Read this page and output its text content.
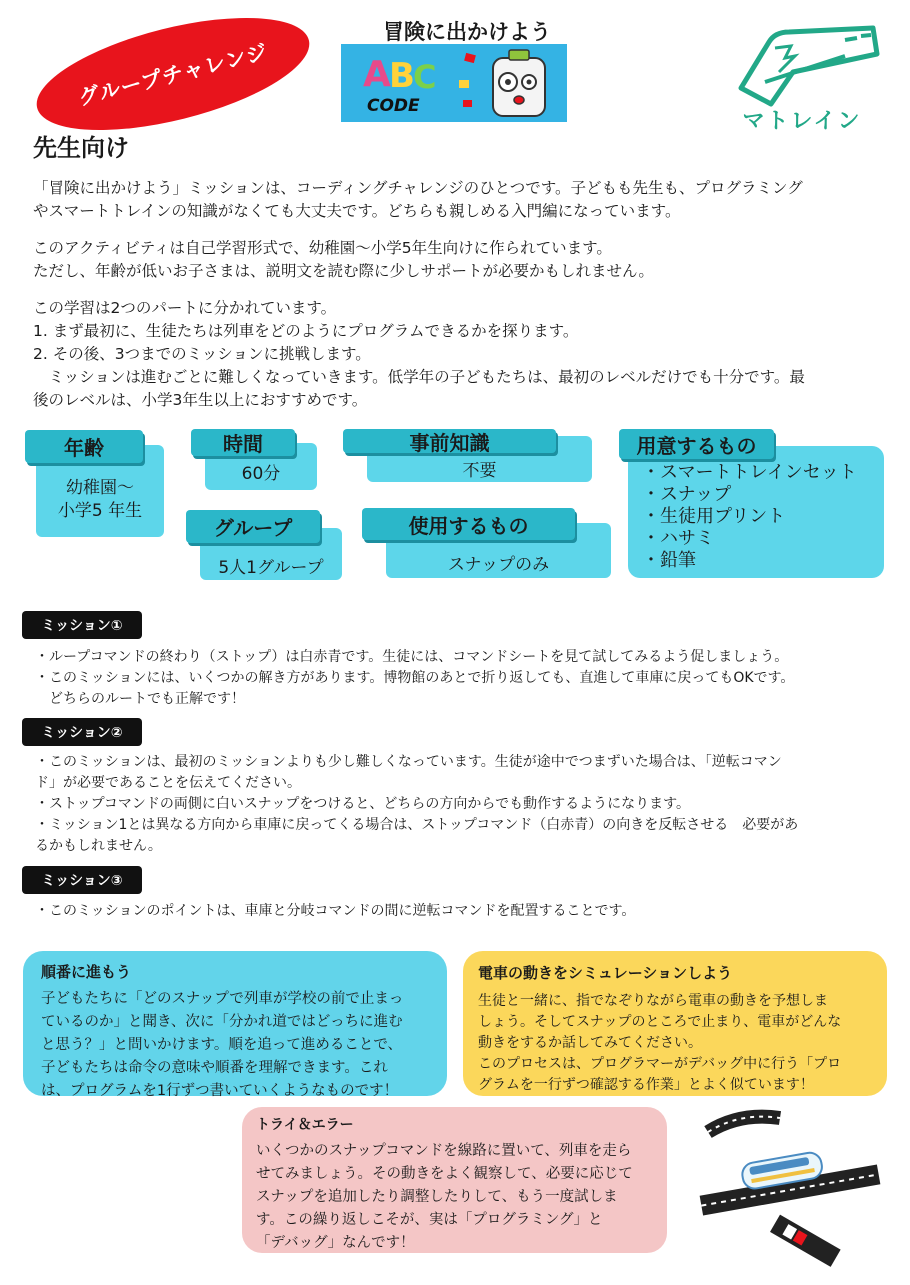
グループチャレンジ
冒険に出かけよう
A
B
C
CODE
マトレイン
先生向け

「冒険に出かけよう」ミッションは、コーディングチャレンジのひとつです。子どもも先生も、プログラミング
やスマートトレインの知識がなくても大丈夫です。どちらも親しめる入門編になっています。

このアクティビティは自己学習形式で、幼稚園〜小学5年生向けに作られています。
ただし、年齢が低いお子さまは、説明文を読む際に少しサポートが必要かもしれません。

この学習は2つのパートに分かれています。
1. まず最初に、生徒たちは列車をどのようにプログラムできるかを探ります。
2. その後、3つまでのミッションに挑戦します。
　ミッションは進むごとに難しくなっていきます。低学年の子どもたちは、最初のレベルだけでも十分です。最
後のレベルは、小学3年生以上におすすめです。

幼稚園〜
小学5 年生
年齢
60分
時間
5人1グループ
グループ
不要
事前知識
スナップのみ
使用するもの
・スマートトレインセット
・スナップ
・生徒用プリント
・ハサミ
・鉛筆
用意するもの
ミッション①

・ループコマンドの終わり（ストップ）は白赤青です。生徒には、コマンドシートを見て試してみるよう促しましょう。
・このミッションには、いくつかの解き方があります。博物館のあとで折り返しても、直進して車庫に戻ってもOKです。
　どちらのルートでも正解です！

ミッション②

・このミッションは、最初のミッションよりも少し難しくなっています。生徒が途中でつまずいた場合は、「逆転コマン
ド」が必要であることを伝えてください。
・ストップコマンドの両側に白いスナップをつけると、どちらの方向からでも動作するようになります。
・ミッション1とは異なる方向から車庫に戻ってくる場合は、ストップコマンド（白赤青）の向きを反転させる　必要があ
るかもしれません。

ミッション③

・このミッションのポイントは、車庫と分岐コマンドの間に逆転コマンドを配置することです。

順番に進もう
子どもたちに「どのスナップで列車が学校の前で止まっ
ているのか」と聞き、次に「分かれ道ではどっちに進む
と思う？」と問いかけます。順を追って進めることで、
子どもたちは命令の意味や順番を理解できます。これ
は、プログラムを1行ずつ書いていくようなものです！
電車の動きをシミュレーションしよう
生徒と一緒に、指でなぞりながら電車の動きを予想しま
しょう。そしてスナップのところで止まり、電車がどんな
動きをするか話してみてください。
このプロセスは、プログラマーがデバッグ中に行う「プロ
グラムを一行ずつ確認する作業」とよく似ています！
トライ＆エラー
いくつかのスナップコマンドを線路に置いて、列車を走ら
せてみましょう。その動きをよく観察して、必要に応じて
スナップを追加したり調整したりして、もう一度試しま
す。この繰り返しこそが、実は「プログラミング」と
「デバッグ」なんです！
